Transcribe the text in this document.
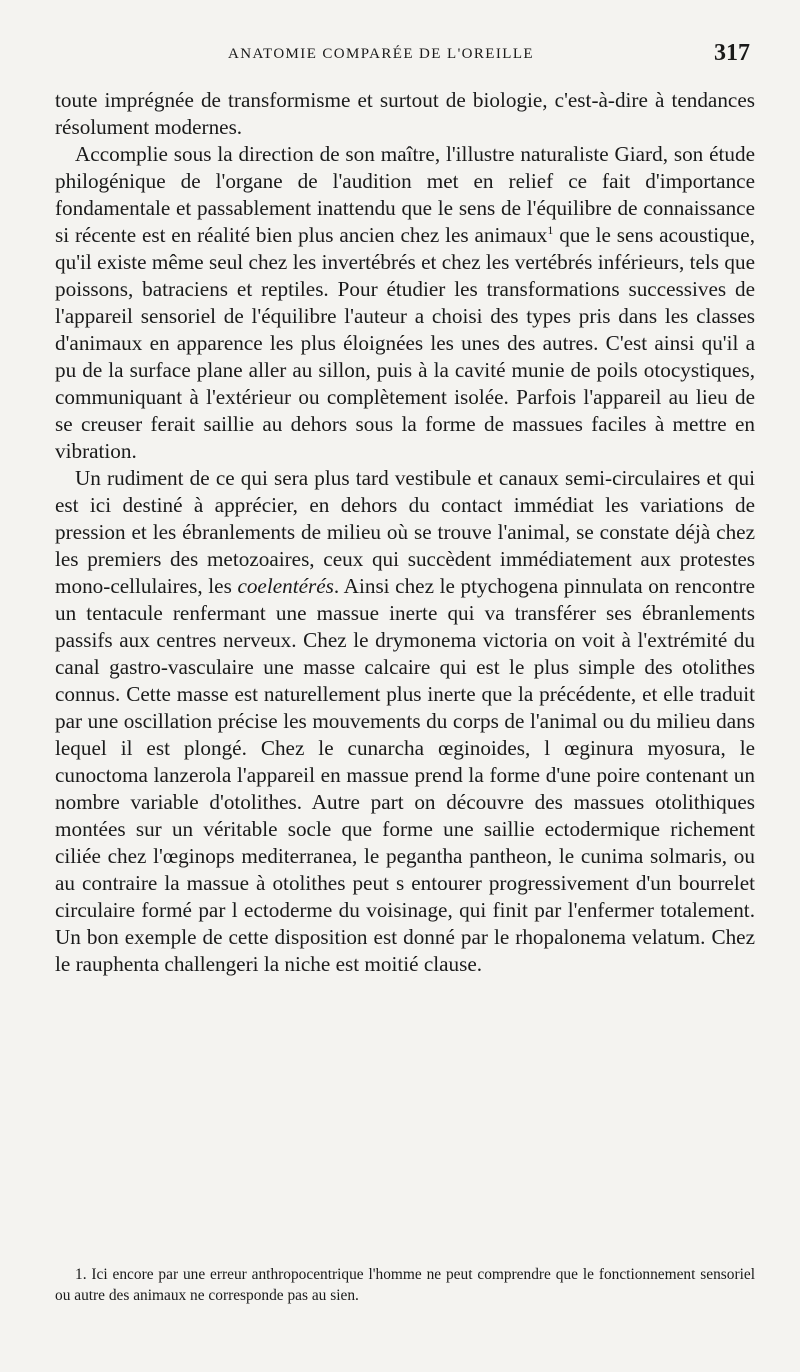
ANATOMIE COMPARÉE DE L'OREILLE	317

toute imprégnée de transformisme et surtout de biologie, c'est-à-dire à tendances résolument modernes.

Accomplie sous la direction de son maître, l'illustre naturaliste Giard, son étude philogénique de l'organe de l'audition met en relief ce fait d'importance fondamentale et passablement inattendu que le sens de l'équilibre de connaissance si récente est en réalité bien plus ancien chez les animaux$^1$ que le sens acoustique, qu'il existe même seul chez les invertébrés et chez les vertébrés inférieurs, tels que poissons, batraciens et reptiles. Pour étudier les transformations successives de l'appareil sensoriel de l'équilibre l'auteur a choisi des types pris dans les classes d'animaux en apparence les plus éloignées les unes des autres. C'est ainsi qu'il a pu de la surface plane aller au sillon, puis à la cavité munie de poils otocystiques, communiquant à l'extérieur ou complètement isolée. Parfois l'appareil au lieu de se creuser ferait saillie au dehors sous la forme de massues faciles à mettre en vibration.

Un rudiment de ce qui sera plus tard vestibule et canaux semi-circulaires et qui est ici destiné à apprécier, en dehors du contact immédiat les variations de pression et les ébranlements de milieu où se trouve l'animal, se constate déjà chez les premiers des metozoaires, ceux qui succèdent immédiatement aux protestes mono-cellulaires, les coelentérés. Ainsi chez le ptychogena pinnulata on rencontre un tentacule renfermant une massue inerte qui va transférer ses ébranlements passifs aux centres nerveux. Chez le drymonema victoria on voit à l'extrémité du canal gastro-vasculaire une masse calcaire qui est le plus simple des otolithes connus. Cette masse est naturellement plus inerte que la précédente, et elle traduit par une oscillation précise les mouvements du corps de l'animal ou du milieu dans lequel il est plongé. Chez le cunarcha œginoides, l œginura myosura, le cunoctoma lanzerola l'appareil en massue prend la forme d'une poire contenant un nombre variable d'otolithes. Autre part on découvre des massues otolithiques montées sur un véritable socle que forme une saillie ectodermique richement ciliée chez l'œginops mediterranea, le pegantha pantheon, le cunima solmaris, ou au contraire la massue à otolithes peut s entourer progressivement d'un bourrelet circulaire formé par l ectoderme du voisinage, qui finit par l'enfermer totalement. Un bon exemple de cette disposition est donné par le rhopalonema velatum. Chez le rauphenta challengeri la niche est moitié clause.

1. Ici encore par une erreur anthropocentrique l'homme ne peut comprendre que le fonctionnement sensoriel ou autre des animaux ne corresponde pas au sien.
